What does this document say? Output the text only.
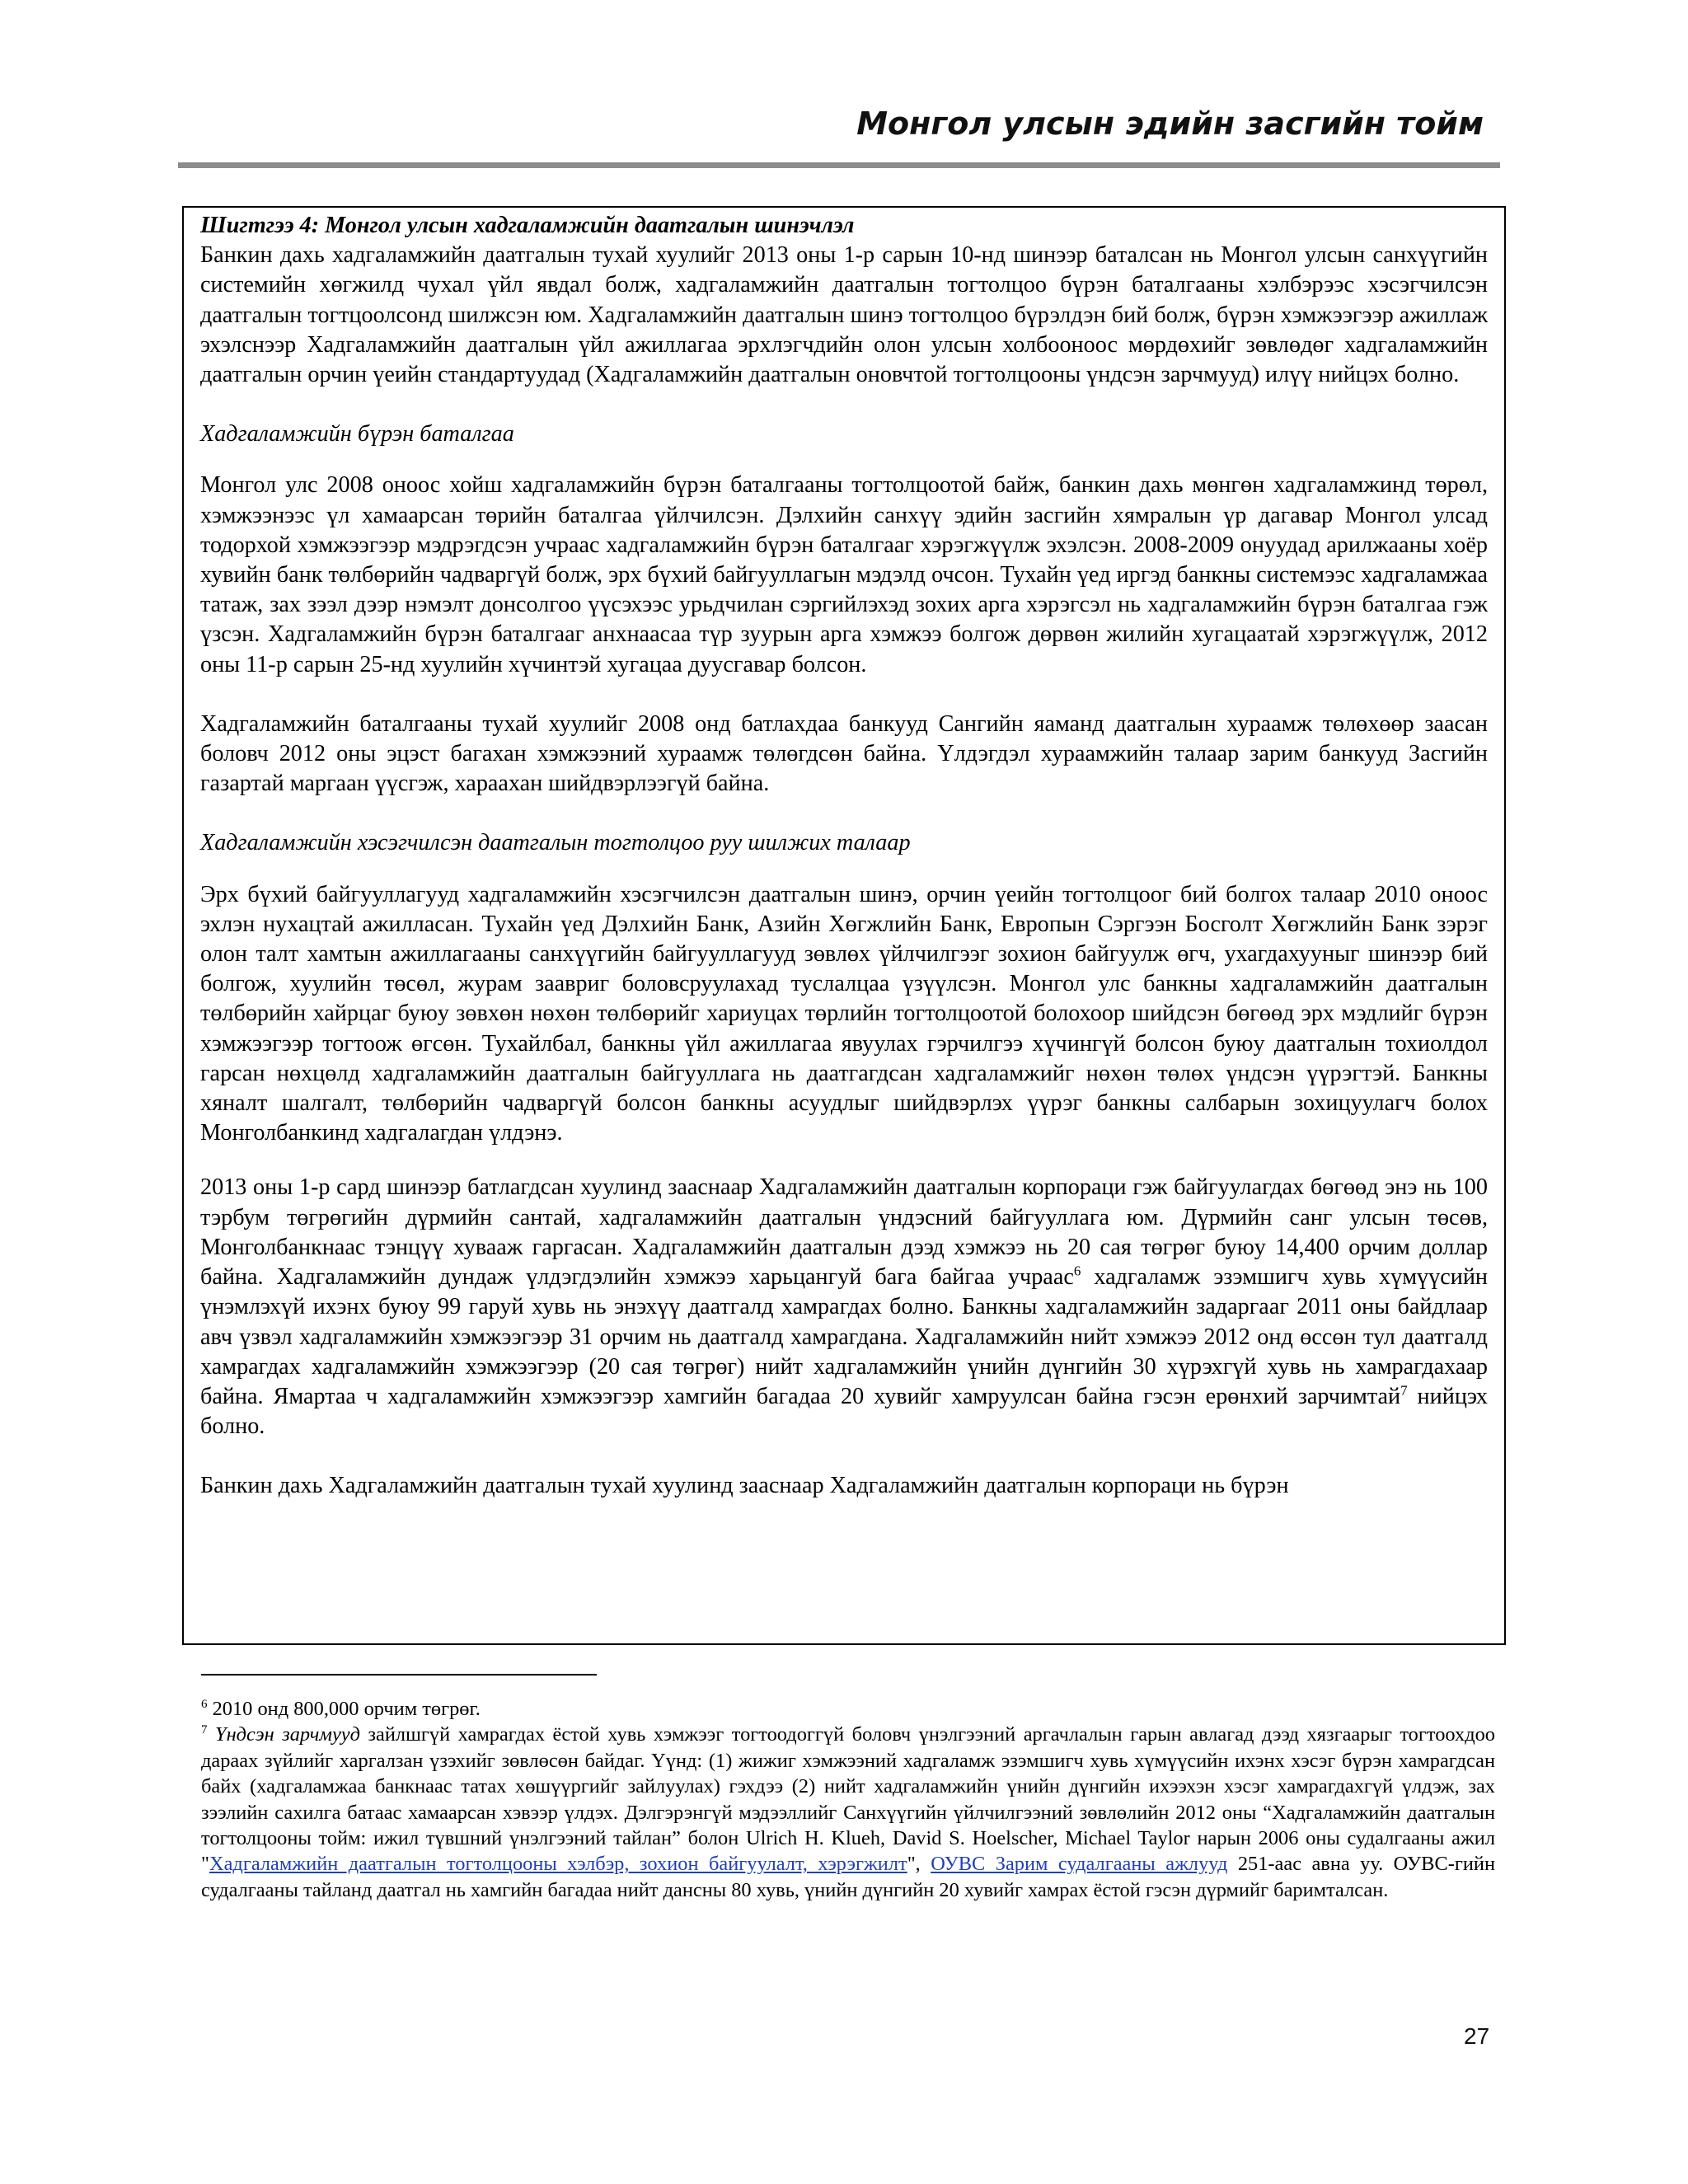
Монгол улсын эдийн засгийн тойм

Шигтгээ 4: Монгол улсын хадгаламжийн даатгалын шинэчлэл

Банкин дахь хадгаламжийн даатгалын тухай хуулийг 2013 оны 1-р сарын 10-нд шинээр баталсан нь Монгол улсын санхүүгийн системийн хөгжилд чухал үйл явдал болж, хадгаламжийн даатгалын тогтолцоо бүрэн баталгааны хэлбэрээс хэсэгчилсэн даатгалын тогтцоолсонд шилжсэн юм. Хадгаламжийн даатгалын шинэ тогтолцоо бүрэлдэн бий болж, бүрэн хэмжээгээр ажиллаж эхэлснээр Хадгаламжийн даатгалын үйл ажиллагаа эрхлэгчдийн олон улсын холбооноос мөрдөхийг зөвлөдөг хадгаламжийн даатгалын орчин үеийн стандартуудад (Хадгаламжийн даатгалын оновчтой тогтолцооны үндсэн зарчмууд) илүү нийцэх болно.

Хадгаламжийн бүрэн баталгаа

Монгол улс 2008 оноос хойш хадгаламжийн бүрэн баталгааны тогтолцоотой байж, банкин дахь мөнгөн хадгаламжинд төрөл, хэмжээнээс үл хамаарсан төрийн баталгаа үйлчилсэн. Дэлхийн санхүү эдийн засгийн хямралын үр дагавар Монгол улсад тодорхой хэмжээгээр мэдрэгдсэн учраас хадгаламжийн бүрэн баталгааг хэрэгжүүлж эхэлсэн. 2008-2009 онуудад арилжааны хоёр хувийн банк төлбөрийн чадваргүй болж, эрх бүхий байгууллагын мэдэлд очсон. Тухайн үед иргэд банкны системээс хадгаламжаа татаж, зах зээл дээр нэмэлт донсолгоо үүсэхээс урьдчилан сэргийлэхэд зохих арга хэрэгсэл нь хадгаламжийн бүрэн баталгаа гэж үзсэн. Хадгаламжийн бүрэн баталгааг анхнаасаа түр зуурын арга хэмжээ болгож дөрвөн жилийн хугацаатай хэрэгжүүлж, 2012 оны 11-р сарын 25-нд хуулийн хүчинтэй хугацаа дуусгавар болсон.

Хадгаламжийн баталгааны тухай хуулийг 2008 онд батлахдаа банкууд Сангийн яаманд даатгалын хураамж төлөхөөр заасан боловч 2012 оны эцэст багахан хэмжээний хураамж төлөгдсөн байна. Үлдэгдэл хураамжийн талаар зарим банкууд Засгийн газартай маргаан үүсгэж, хараахан шийдвэрлээгүй байна.

Хадгаламжийн хэсэгчилсэн даатгалын тогтолцоо руу шилжих талаар

Эрх бүхий байгууллагууд хадгаламжийн хэсэгчилсэн даатгалын шинэ, орчин үеийн тогтолцоог бий болгох талаар 2010 оноос эхлэн нухацтай ажилласан. Тухайн үед Дэлхийн Банк, Азийн Хөгжлийн Банк, Европын Сэргээн Босголт Хөгжлийн Банк зэрэг олон талт хамтын ажиллагааны санхүүгийн байгууллагууд зөвлөх үйлчилгээг зохион байгуулж өгч, ухагдахууныг шинээр бий болгож, хуулийн төсөл, журам заавриг боловсруулахад туслалцаа үзүүлсэн. Монгол улс банкны хадгаламжийн даатгалын төлбөрийн хайрцаг буюу зөвхөн нөхөн төлбөрийг хариуцах төрлийн тогтолцоотой болохоор шийдсэн бөгөөд эрх мэдлийг бүрэн хэмжээгээр тогтоож өгсөн. Тухайлбал, банкны үйл ажиллагаа явуулах гэрчилгээ хүчингүй болсон буюу даатгалын тохиолдол гарсан нөхцөлд хадгаламжийн даатгалын байгууллага нь даатгагдсан хадгаламжийг нөхөн төлөх үндсэн үүрэгтэй. Банкны хяналт шалгалт, төлбөрийн чадваргүй болсон банкны асуудлыг шийдвэрлэх үүрэг банкны салбарын зохицуулагч болох Монголбанкинд хадгалагдан үлдэнэ.

2013 оны 1-р сард шинээр батлагдсан хуулинд зааснаар Хадгаламжийн даатгалын корпораци гэж байгуулагдах бөгөөд энэ нь 100 тэрбум төгрөгийн дүрмийн сантай, хадгаламжийн даатгалын үндэсний байгууллага юм. Дүрмийн санг улсын төсөв, Монголбанкнаас тэнцүү хувааж гаргасан. Хадгаламжийн даатгалын дээд хэмжээ нь 20 сая төгрөг буюу 14,400 орчим доллар байна. Хадгаламжийн дундаж үлдэгдэлийн хэмжээ харьцангуй бага байгаа учраас$^6$ хадгаламж эзэмшигч хувь хүмүүсийн үнэмлэхүй ихэнх буюу 99 гаруй хувь нь энэхүү даатгалд хамрагдах болно. Банкны хадгаламжийн задаргааг 2011 оны байдлаар авч үзвэл хадгаламжийн хэмжээгээр 31 орчим нь даатгалд хамрагдана. Хадгаламжийн нийт хэмжээ 2012 онд өссөн тул даатгалд хамрагдах хадгаламжийн хэмжээгээр (20 сая төгрөг) нийт хадгаламжийн үнийн дүнгийн 30 хүрэхгүй хувь нь хамрагдахаар байна. Ямартаа ч хадгаламжийн хэмжээгээр хамгийн багадаа 20 хувийг хамруулсан байна гэсэн ерөнхий зарчимтай$^7$ нийцэх болно.

Банкин дахь Хадгаламжийн даатгалын тухай хуулинд зааснаар Хадгаламжийн даатгалын корпораци нь бүрэн

$^6$ 2010 онд 800,000 орчим төгрөг.

$^7$ Үндсэн зарчмууд зайлшгүй хамрагдах ёстой хувь хэмжээг тогтоодоггүй боловч үнэлгээний аргачлалын гарын авлагад дээд хязгаарыг тогтоохдоо дараах зүйлийг харгалзан үзэхийг зөвлөсөн байдаг. Үүнд: (1) жижиг хэмжээний хадгаламж эзэмшигч хувь хүмүүсийн ихэнх хэсэг бүрэн хамрагдсан байх (хадгаламжаа банкнаас татах хөшүүргийг зайлуулах) гэхдээ (2) нийт хадгаламжийн үнийн дүнгийн ихээхэн хэсэг хамрагдахгүй үлдэж, зах зээлийн сахилга батаас хамаарсан хэвээр үлдэх. Дэлгэрэнгүй мэдээллийг Санхүүгийн үйлчилгээний зөвлөлийн 2012 оны “Хадгаламжийн даатгалын тогтолцооны тойм: ижил түвшний үнэлгээний тайлан” болон Ulrich H. Klueh, David S. Hoelscher, Michael Taylor нарын 2006 оны судалгааны ажил "Хадгаламжийн даатгалын тогтолцооны хэлбэр, зохион байгуулалт, хэрэгжилт", ОУВС Зарим судалгааны ажлууд 251-аас авна уу. ОУВС-гийн судалгааны тайланд даатгал нь хамгийн багадаа нийт дансны 80 хувь, үнийн дүнгийн 20 хувийг хамрах ёстой гэсэн дүрмийг баримталсан.

27
